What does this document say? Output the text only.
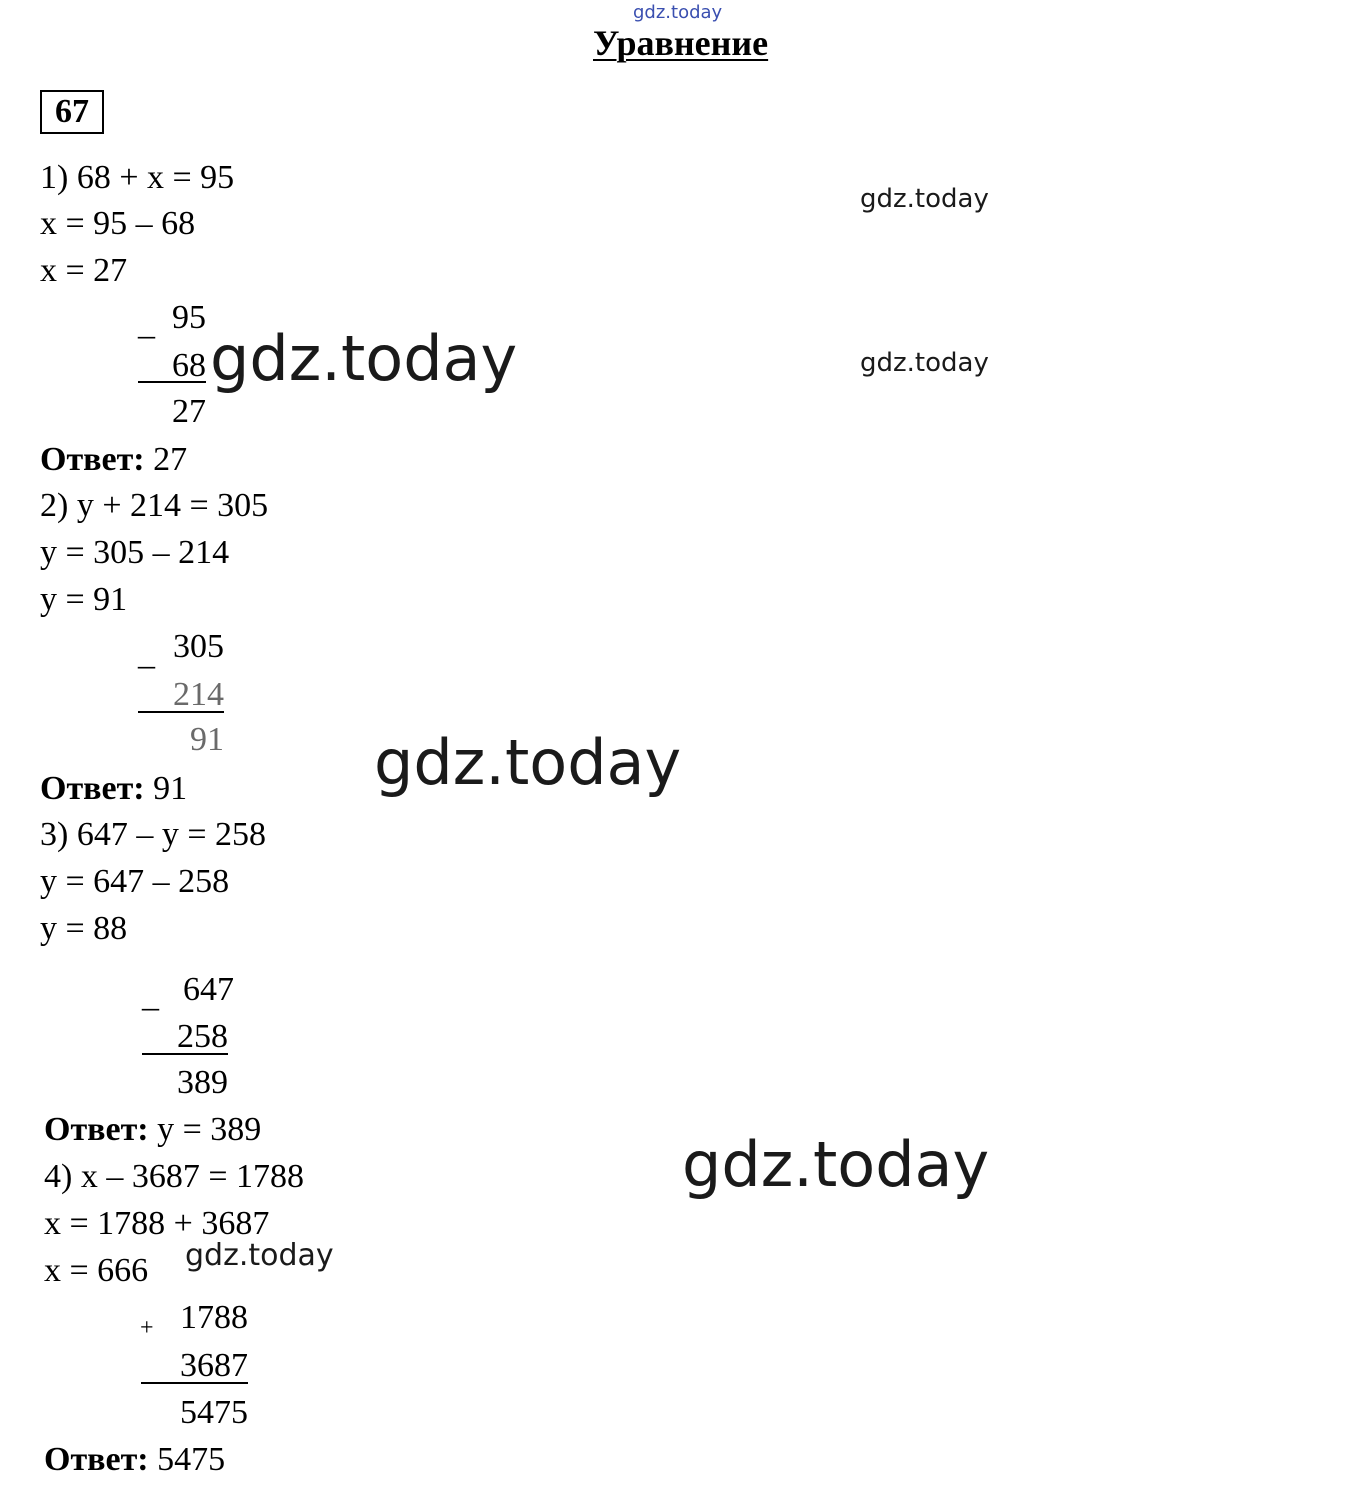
gdz.today
Уравнение
67
1) 68 + x = 95
x = 95 – 68
x = 27
_ 95
68
27
Ответ: 27
2) y + 214 = 305
y = 305 – 214
y = 91
_ 305
214
91
Ответ: 91
3) 647 – y = 258
y = 647 – 258
y = 88
_ 647
258
389
Ответ: y = 389
4) x – 3687 = 1788
x = 1788 + 3687
x = 666
+ 1788
3687
5475
Ответ: 5475
gdz.today
gdz.today
gdz.today
gdz.today
gdz.today
gdz.today
